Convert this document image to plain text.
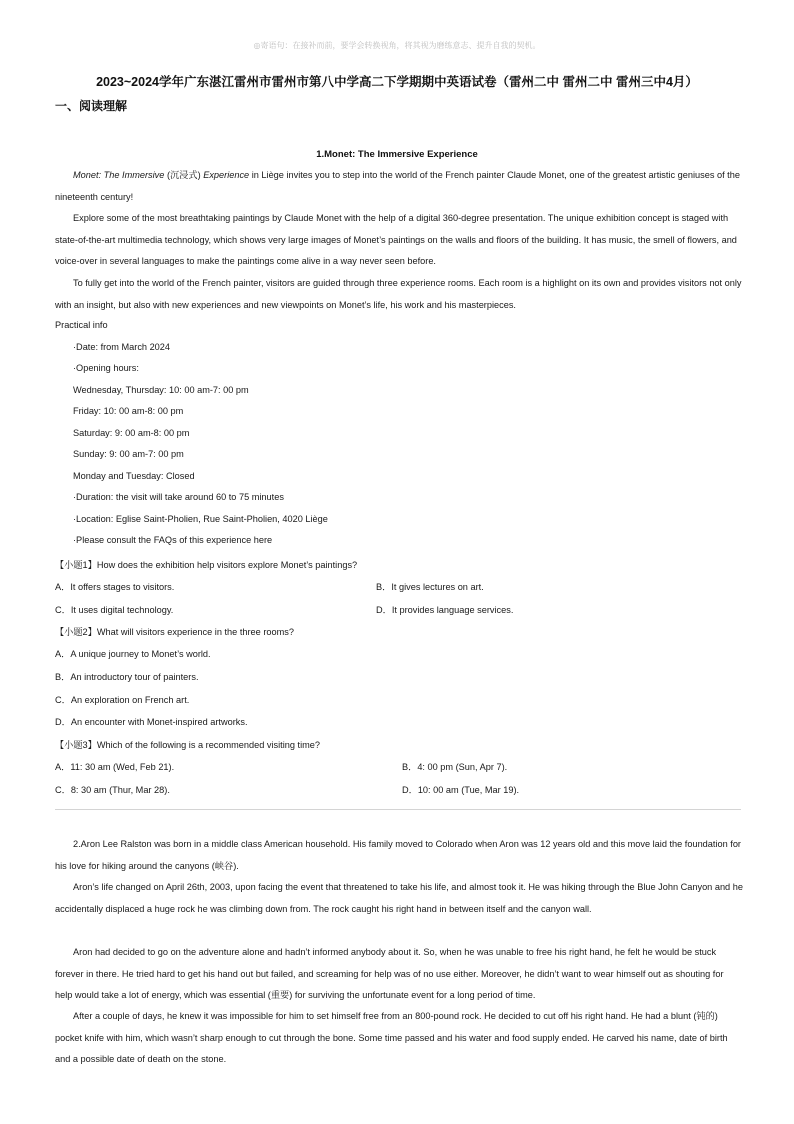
◎寄语句：在接补而前，要学会转换视角，将其视为磨练意志、提升自我的契机。
2023~2024学年广东湛江雷州市雷州市第八中学高二下学期期中英语试卷（雷州二中 雷州二中 雷州三中4月）
一、阅读理解
1.Monet: The Immersive Experience
Monet: The Immersive (沉浸式) Experience in Liège invites you to step into the world of the French painter Claude Monet, one of the greatest artistic geniuses of the nineteenth century!
Explore some of the most breathtaking paintings by Claude Monet with the help of a digital 360-degree presentation. The unique exhibition concept is staged with state-of-the-art multimedia technology, which shows very large images of Monet’s paintings on the walls and floors of the building. It has music, the smell of flowers, and voice-over in several languages to make the paintings come alive in a way never seen before.
To fully get into the world of the French painter, visitors are guided through three experience rooms. Each room is a highlight on its own and provides visitors not only with an insight, but also with new experiences and new viewpoints on Monet’s life, his work and his masterpieces.
Practical info
·Date: from March 2024
·Opening hours:
Wednesday, Thursday: 10: 00 am-7: 00 pm
Friday: 10: 00 am-8: 00 pm
Saturday: 9: 00 am-8: 00 pm
Sunday: 9: 00 am-7: 00 pm
Monday and Tuesday: Closed
·Duration: the visit will take around 60 to 75 minutes
·Location: Eglise Saint-Pholien, Rue Saint-Pholien, 4020 Liège
·Please consult the FAQs of this experience here
【小题1】How does the exhibition help visitors explore Monet’s paintings?
A．It offers stages to visitors.	B．It gives lectures on art.
C．It uses digital technology.	D．It provides language services.
【小题2】What will visitors experience in the three rooms?
A．A unique journey to Monet’s world.
B．An introductory tour of painters.
C．An exploration on French art.
D．An encounter with Monet-inspired artworks.
【小题3】Which of the following is a recommended visiting time?
A．11: 30 am (Wed, Feb 21).	B．4: 00 pm (Sun, Apr 7).
C．8: 30 am (Thur, Mar 28).	D．10: 00 am (Tue, Mar 19).
2.Aron Lee Ralston was born in a middle class American household. His family moved to Colorado when Aron was 12 years old and this move laid the foundation for his love for hiking around the canyons (峡谷).
Aron’s life changed on April 26th, 2003, upon facing the event that threatened to take his life, and almost took it. He was hiking through the Blue John Canyon and he accidentally displaced a huge rock he was climbing down from. The rock caught his right hand in between itself and the canyon wall.
Aron had decided to go on the adventure alone and hadn’t informed anybody about it. So, when he was unable to free his right hand, he felt he would be stuck forever in there. He tried hard to get his hand out but failed, and screaming for help was of no use either. Moreover, he didn’t want to wear himself out as shouting for help would take a lot of energy, which was essential (重要) for surviving the unfortunate event for a long period of time.
After a couple of days, he knew it was impossible for him to set himself free from an 800-pound rock. He decided to cut off his right hand. He had a blunt (钝的) pocket knife with him, which wasn’t sharp enough to cut through the bone. Some time passed and his water and food supply ended. He carved his name, date of birth and a possible date of death on the stone.
